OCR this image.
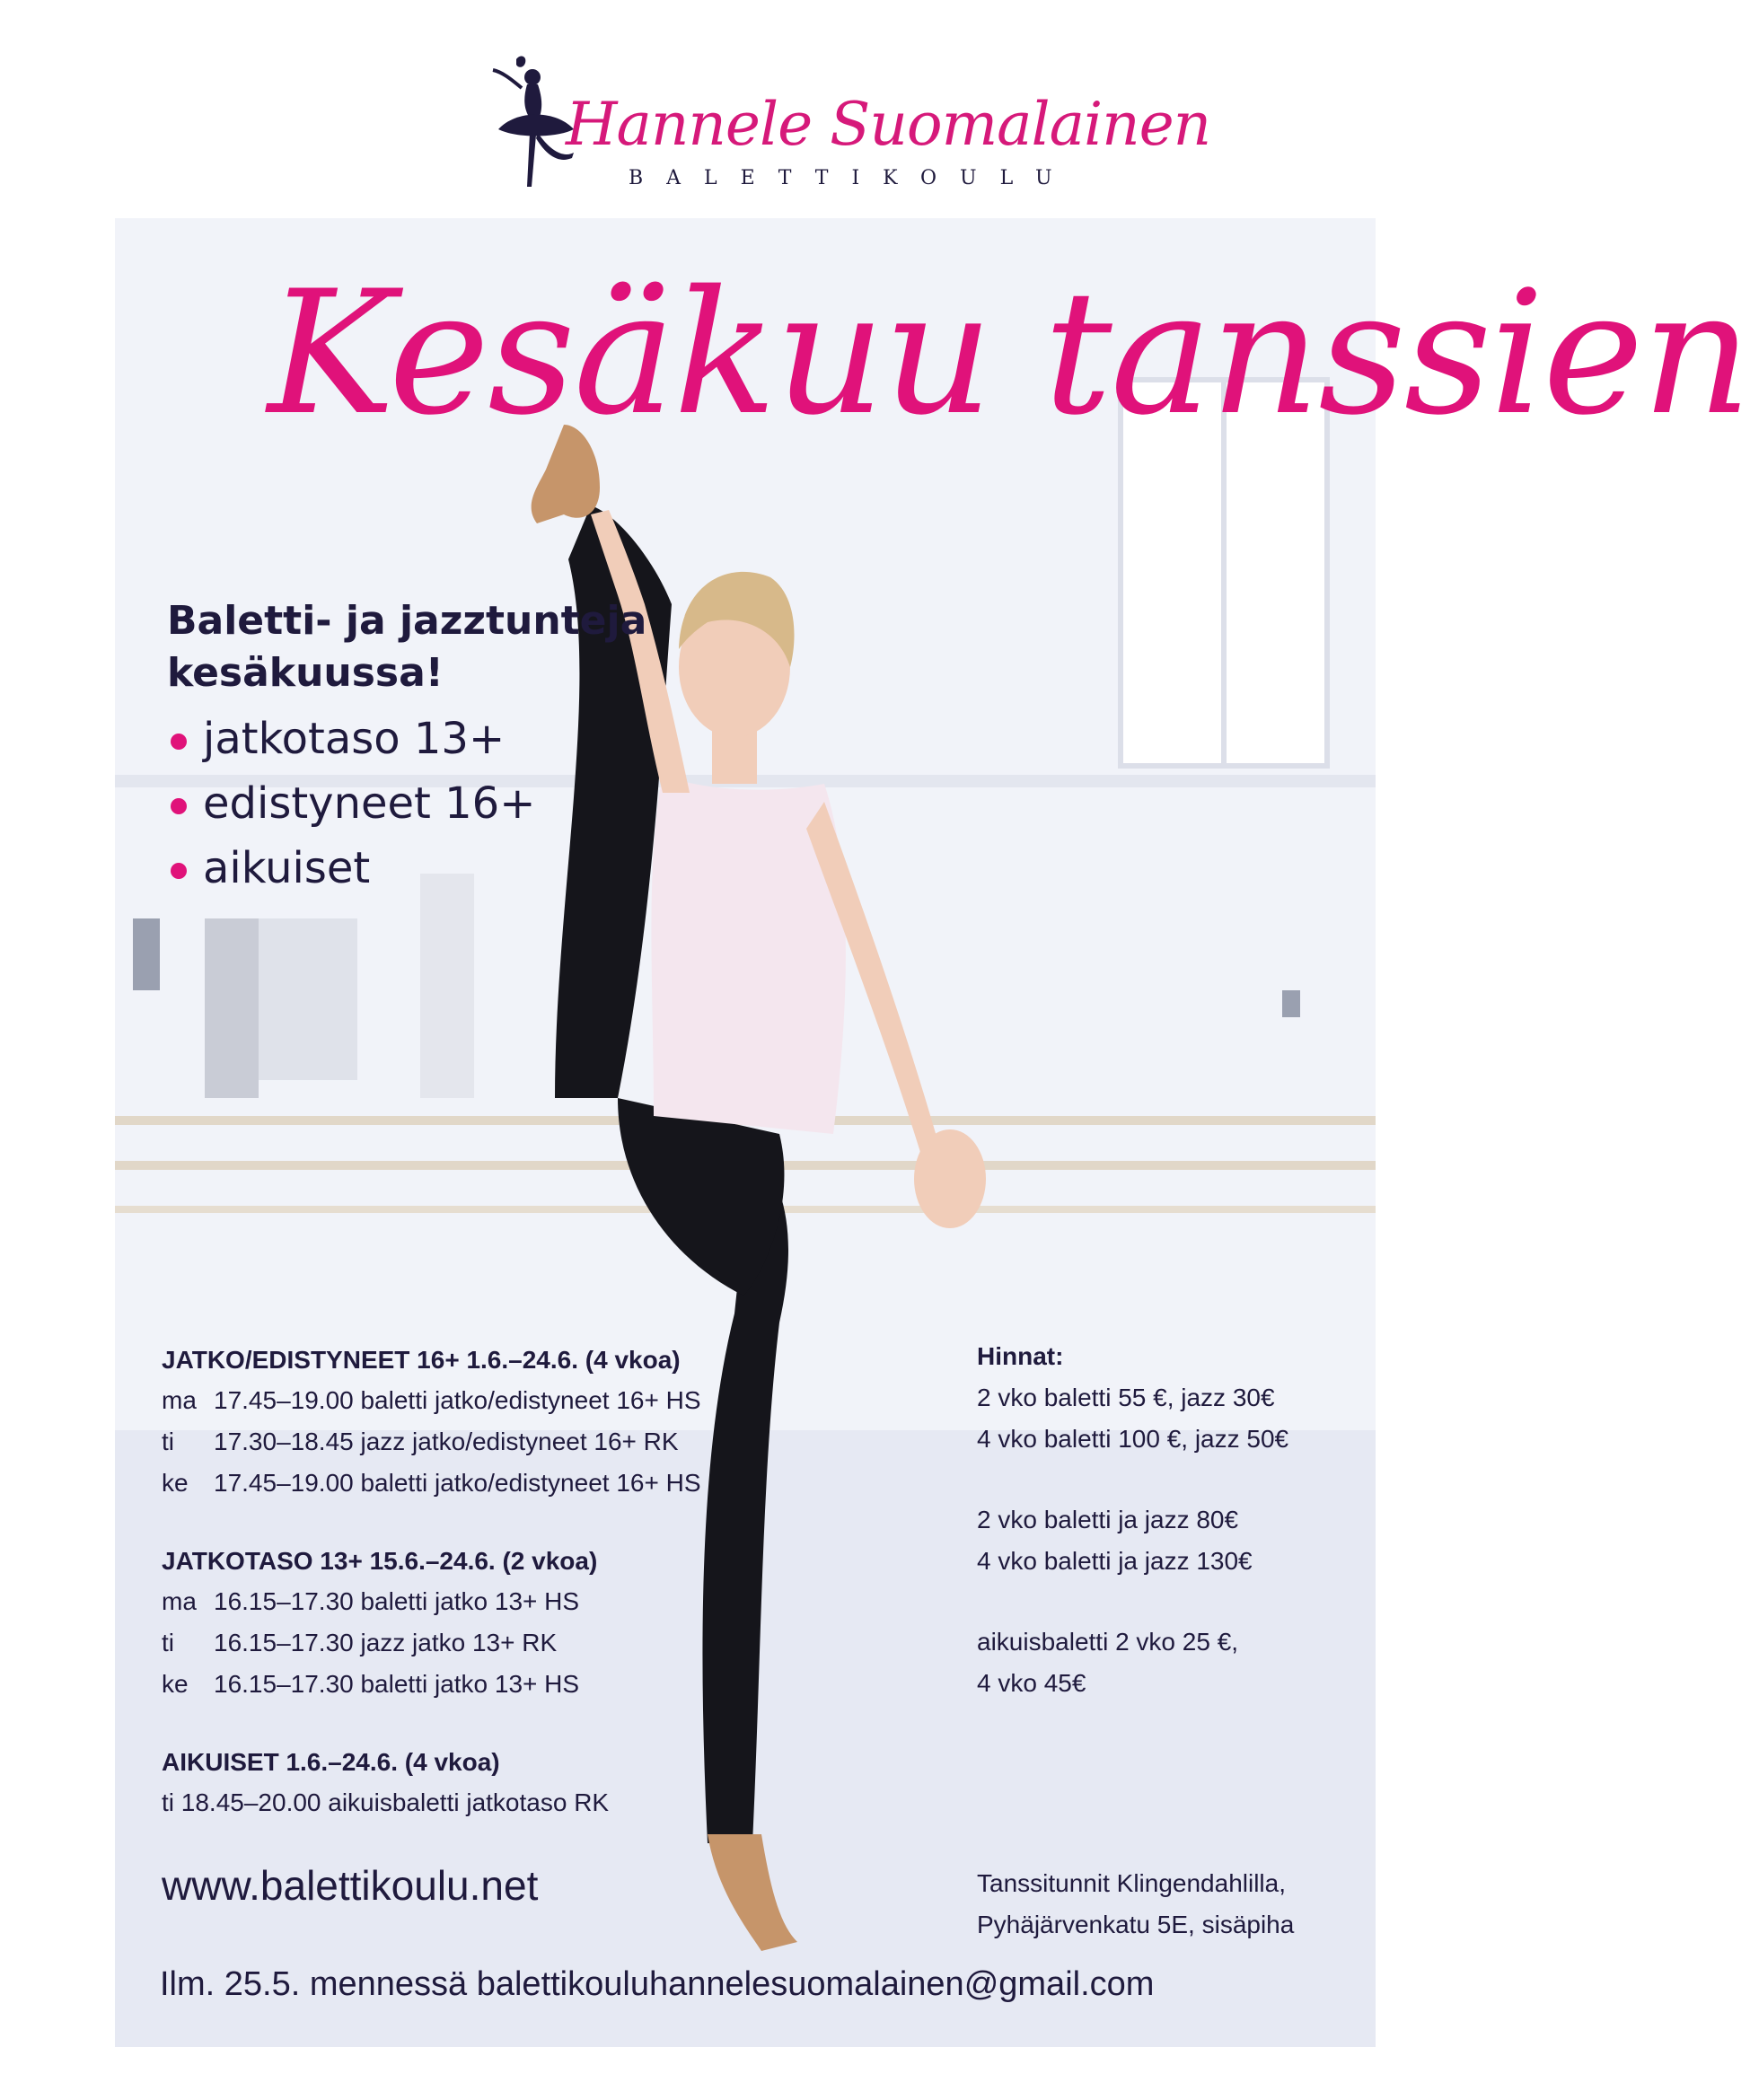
Hannele Suomalainen
BALETTIKOULU
Kesäkuu tanssien
Baletti- ja jazztunteja
kesäkuussa!
jatkotaso 13+
edistyneet 16+
aikuiset
JATKO/EDISTYNEET 16+ 1.6.–24.6. (4 vkoa)
ma 17.45–19.00 baletti jatko/edistyneet 16+ HS
ti 17.30–18.45 jazz jatko/edistyneet 16+ RK
ke 17.45–19.00 baletti jatko/edistyneet 16+ HS
JATKOTASO 13+ 15.6.–24.6. (2 vkoa)
ma 16.15–17.30 baletti jatko 13+ HS
ti 16.15–17.30 jazz jatko 13+ RK
ke 16.15–17.30 baletti jatko 13+ HS
AIKUISET 1.6.–24.6. (4 vkoa)
ti 18.45–20.00 aikuisbaletti jatkotaso RK
Hinnat:
2 vko baletti 55 €, jazz 30€
4 vko baletti 100 €, jazz 50€
2 vko baletti ja jazz 80€
4 vko baletti ja jazz 130€
aikuisbaletti 2 vko 25 €,
4 vko 45€
www.balettikoulu.net	Tanssitunnit Klingendahlilla,
Pyhäjärvenkatu 5E, sisäpiha
Ilm. 25.5. mennessä balettikouluhannelesuomalainen@gmail.com
